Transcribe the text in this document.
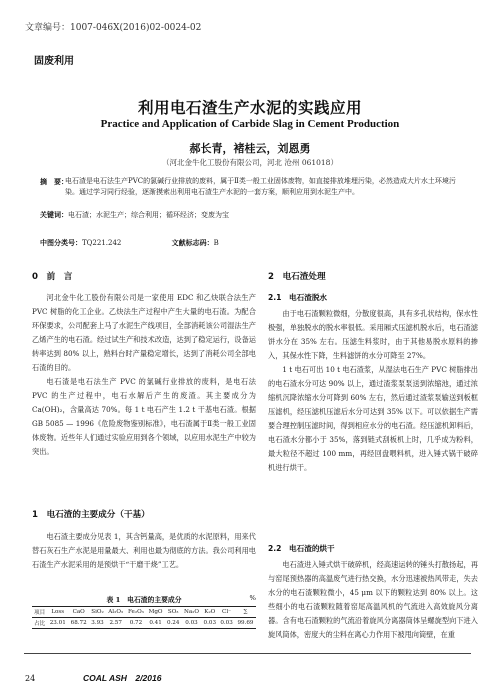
文章编号：1007-046X(2016)02-0024-02
固废利用
利用电石渣生产水泥的实践应用
Practice and Application of Carbide Slag in Cement Production
郝长青，褚桂云，刘恩勇
（河北金牛化工股份有限公司，河北 沧州 061018）
摘　要：
电石渣是电石法生产PVC的氯碱行业排放的废料，属于Ⅱ类一般工业固体废物，如直接排放堆埋污染，必然造成大片水土环境污染。通过学习同行经验，逐渐摸索出利用电石渣生产水泥的一套方案，顺利应用到水泥生产中。
关键词：电石渣；水泥生产；综合利用；循环经济；变废为宝
中图分类号：TQ221.242	文献标志码：B
0　前　言

河北金牛化工股份有限公司是一家使用 EDC 和乙炔联合法生产 PVC 树脂的化工企业。乙炔法生产过程中产生大量的电石渣。为配合环保要求，公司配套上马了水泥生产线项目，全部消耗该公司湿法生产乙烯产生的电石渣。经过试生产和技术改造，达到了稳定运行，设备运转率达到 80% 以上，熟料台时产量稳定增长，达到了消耗公司全部电石渣的目的。

电石渣是电石法生产 PVC 的氯碱行业排放的废料，是电石法 PVC 的生产过程中，电石水解后产生的废渣。其主要成分为 Ca(OH)₂，含量高达 70%。每 1 t 电石产生 1.2 t 干基电石渣。根据 GB 5085 — 1996《危险废物鉴别标准》，电石渣属于Ⅱ类一般工业固体废物。近些年人们通过实验应用到各个领域，以应用水泥生产中较为突出。

1　电石渣的主要成分（干基）

电石渣主要成分见表 1，其含钙量高，是优质的水泥原料，用来代替石灰石生产水泥是用量最大、利用也最为彻底的方法。我公司利用电石渣生产水泥采用的是预烘干“干磨干烧”工艺。

表 1　电石渣的主要成分	%
项目	Loss	CaO	SiO₂	Al₂O₃	Fe₂O₃	MgO	SO₃	Na₂O	K₂O	Cl⁻	∑
占比	23.01	68.72	3.93	2.57	0.72	0.41	0.24	0.03	0.03	0.03	99.69
2　电石渣处理
2.1　电石渣脱水

由于电石渣颗粒微细，分散度很高，具有多孔状结构，保水性极强，单独脱水的脱水率很低。采用厢式压滤机脱水后，电石渣滤饼水分在 35% 左右。压滤生料浆时，由于其他易脱水原料的掺入，其保水性下降，生料滤饼的水分可降至 27%。

1 t 电石可出 10 t 电石渣浆，从湿法电石生产 PVC 树脂排出的电石渣水分可达 90% 以上，通过渣浆泵泵送到浓缩池，通过浓缩机沉降浓缩水分可降到 60% 左右，然后通过渣浆泵输送到板框压滤机，经压滤机压滤后水分可达到 35% 以下。可以依据生产需要合理控制压滤时间，得到相应水分的电石渣。经压滤机卸料后，电石渣水分都小于 35%，落到链式刮板机上时，几乎成为粉料，最大粒径不超过 100 mm，再经回盘喂料机，进入锤式锅干破碎机进行烘干。

2.2　电石渣的烘干

电石渣进入锤式烘干破碎机，经高速运转的锤头打散扬起，再与窑尾预热器的高温废气进行热交换，水分迅速被热风带走，失去水分的电石渣颗粒微小，45 μm 以下的颗粒达到 80% 以上。这些细小的电石渣颗粒随着窑尾高温风机的气流进入高效旋风分离器。含有电石渣颗粒的气流沿着旋风分离器筒体呈螺旋型向下进入旋风筒体，密度大的尘料在离心力作用下被甩向筒壁，在重

24	COAL ASH　2/2016
